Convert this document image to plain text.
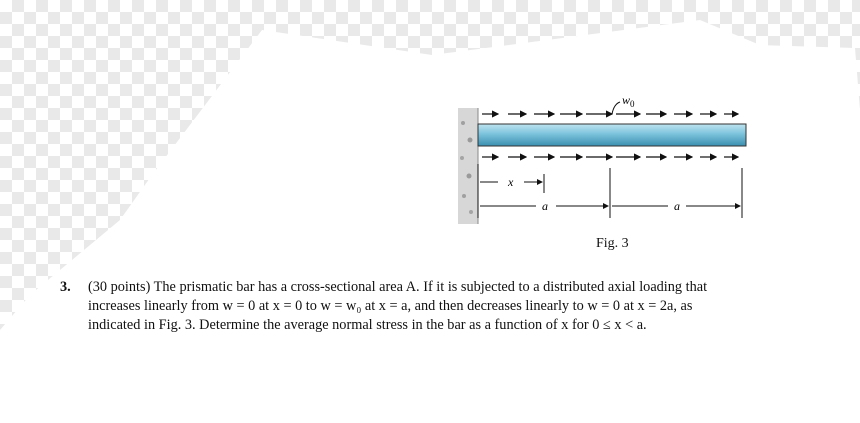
$w_0$
x
a	a
Fig. 3
3. (30 points) The prismatic bar has a cross-sectional area A. If it is subjected to a distributed axial loading that
increases linearly from w = 0 at x = 0 to w = w₀ at x = a, and then decreases linearly to w = 0 at x = 2a, as
indicated in Fig. 3. Determine the average normal stress in the bar as a function of x for 0 ≤ x < a.
